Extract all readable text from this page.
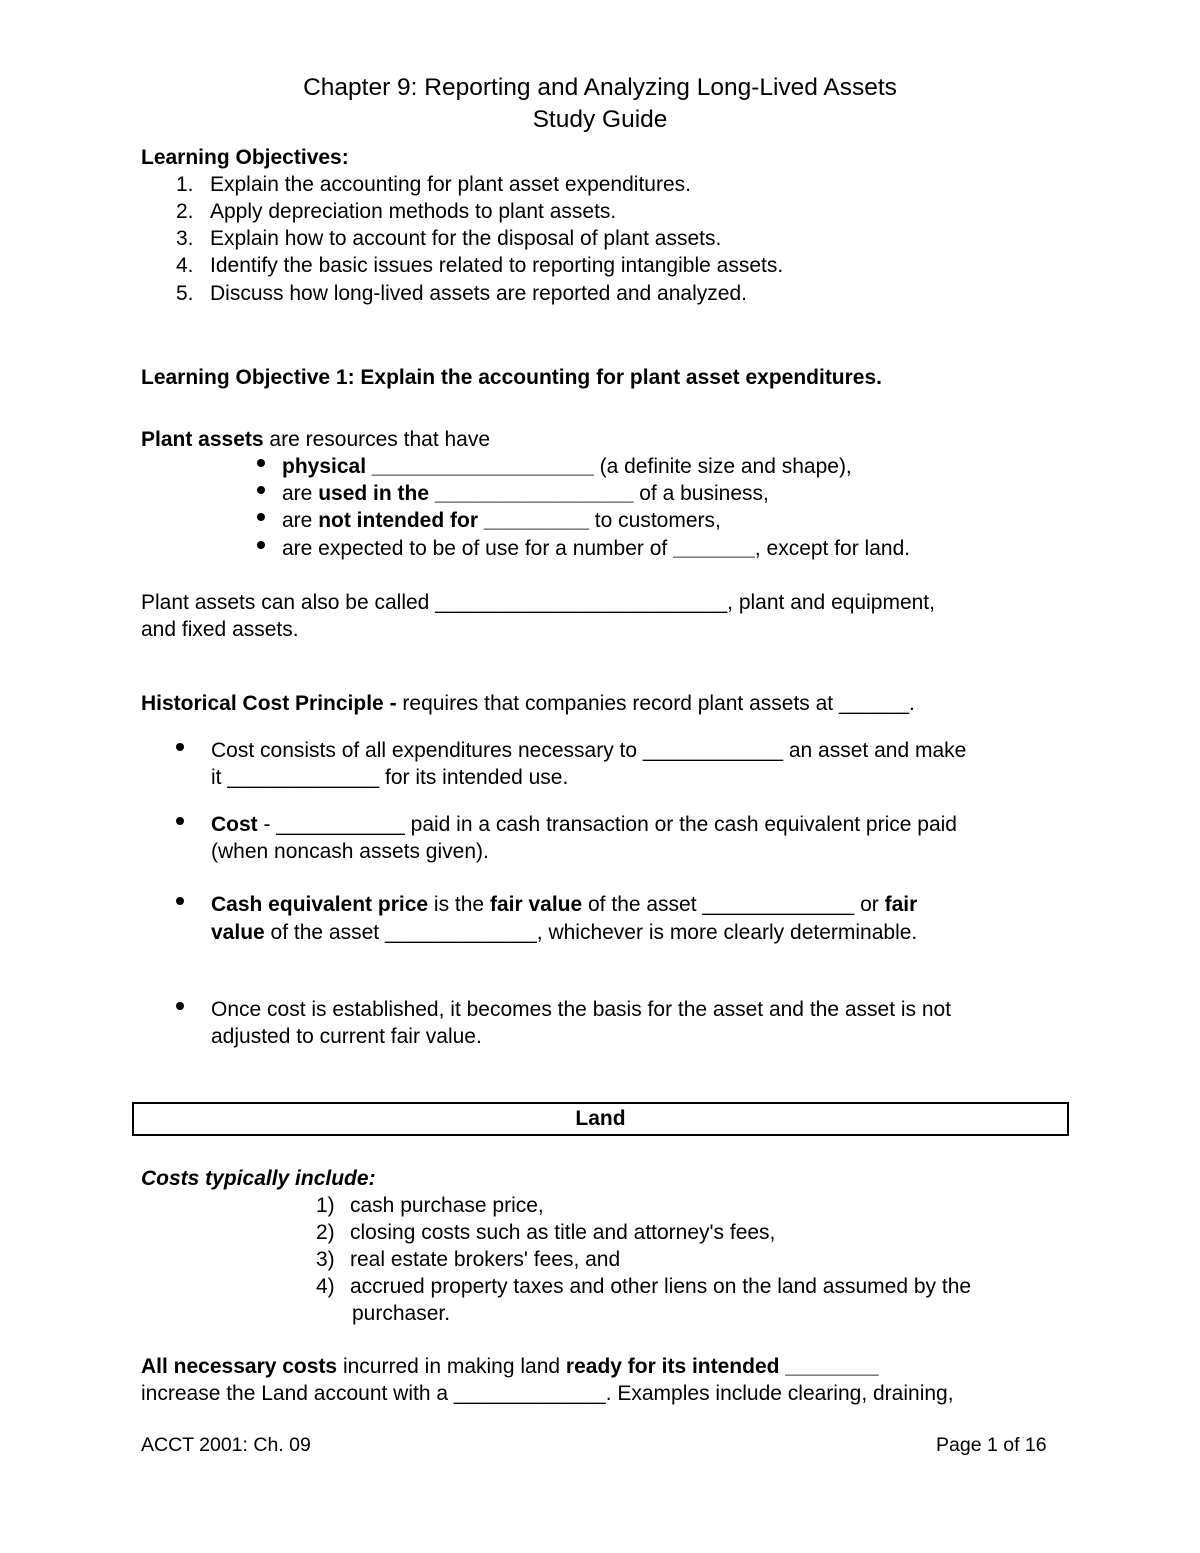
Chapter 9: Reporting and Analyzing Long-Lived Assets
Study Guide
Learning Objectives:
1. Explain the accounting for plant asset expenditures.
2. Apply depreciation methods to plant assets.
3. Explain how to account for the disposal of plant assets.
4. Identify the basic issues related to reporting intangible assets.
5. Discuss how long-lived assets are reported and analyzed.
Learning Objective 1: Explain the accounting for plant asset expenditures.
Plant assets are resources that have
physical ___________________ (a definite size and shape),
are used in the _________________ of a business,
are not intended for _________ to customers,
are expected to be of use for a number of _______, except for land.
Plant assets can also be called _________________________, plant and equipment,
and fixed assets.
Historical Cost Principle - requires that companies record plant assets at ______.
Cost consists of all expenditures necessary to ____________ an asset and make
it _____________ for its intended use.
Cost - ___________ paid in a cash transaction or the cash equivalent price paid
(when noncash assets given).
Cash equivalent price is the fair value of the asset _____________ or fair
value of the asset _____________, whichever is more clearly determinable.
Once cost is established, it becomes the basis for the asset and the asset is not
adjusted to current fair value.
Land
Costs typically include:
1) cash purchase price,
2) closing costs such as title and attorney's fees,
3) real estate brokers' fees, and
4) accrued property taxes and other liens on the land assumed by the
purchaser.
All necessary costs incurred in making land ready for its intended ________
increase the Land account with a _____________. Examples include clearing, draining,
ACCT 2001: Ch. 09	Page 1 of 16
